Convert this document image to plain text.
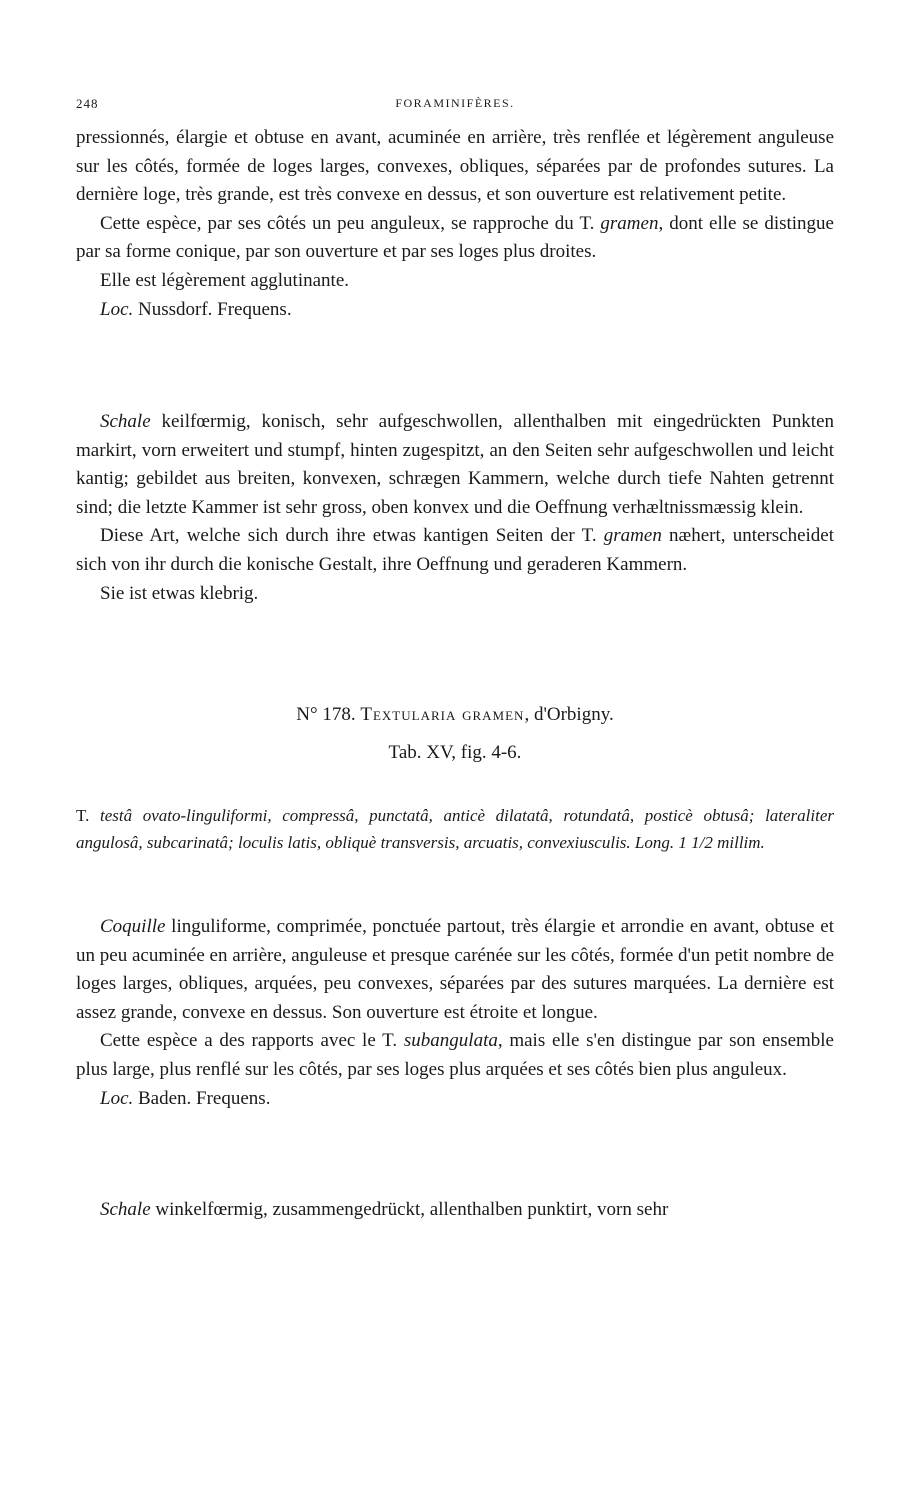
248	FORAMINIFÈRES.

pressionnés, élargie et obtuse en avant, acuminée en arrière, très renflée et légèrement anguleuse sur les côtés, formée de loges larges, convexes, obliques, séparées par de profondes sutures. La dernière loge, très grande, est très convexe en dessus, et son ouverture est relativement petite.

Cette espèce, par ses côtés un peu anguleux, se rapproche du T. gramen, dont elle se distingue par sa forme conique, par son ouverture et par ses loges plus droites.

Elle est légèrement agglutinante.

Loc. Nussdorf. Frequens.

Schale keilfœrmig, konisch, sehr aufgeschwollen, allenthalben mit eingedrückten Punkten markirt, vorn erweitert und stumpf, hinten zugespitzt, an den Seiten sehr aufgeschwollen und leicht kantig; gebildet aus breiten, konvexen, schrægen Kammern, welche durch tiefe Nahten getrennt sind; die letzte Kammer ist sehr gross, oben konvex und die Oeffnung verhæltnissmæssig klein.

Diese Art, welche sich durch ihre etwas kantigen Seiten der T. gramen næhert, unterscheidet sich von ihr durch die konische Gestalt, ihre Oeffnung und geraderen Kammern.

Sie ist etwas klebrig.

N° 178. Textularia gramen, d'Orbigny.
Tab. XV, fig. 4-6.
T. testâ ovato-linguliformi, compressâ, punctatâ, anticè dilatatâ, rotundatâ, posticè obtusâ; lateraliter angulosâ, subcarinatâ; loculis latis, obliquè transversis, arcuatis, convexiusculis. Long. 1 1/2 millim.

Coquille linguliforme, comprimée, ponctuée partout, très élargie et arrondie en avant, obtuse et un peu acuminée en arrière, anguleuse et presque carénée sur les côtés, formée d'un petit nombre de loges larges, obliques, arquées, peu convexes, séparées par des sutures marquées. La dernière est assez grande, convexe en dessus. Son ouverture est étroite et longue.

Cette espèce a des rapports avec le T. subangulata, mais elle s'en distingue par son ensemble plus large, plus renflé sur les côtés, par ses loges plus arquées et ses côtés bien plus anguleux.

Loc. Baden. Frequens.

Schale winkelfœrmig, zusammengedrückt, allenthalben punktirt, vorn sehr
